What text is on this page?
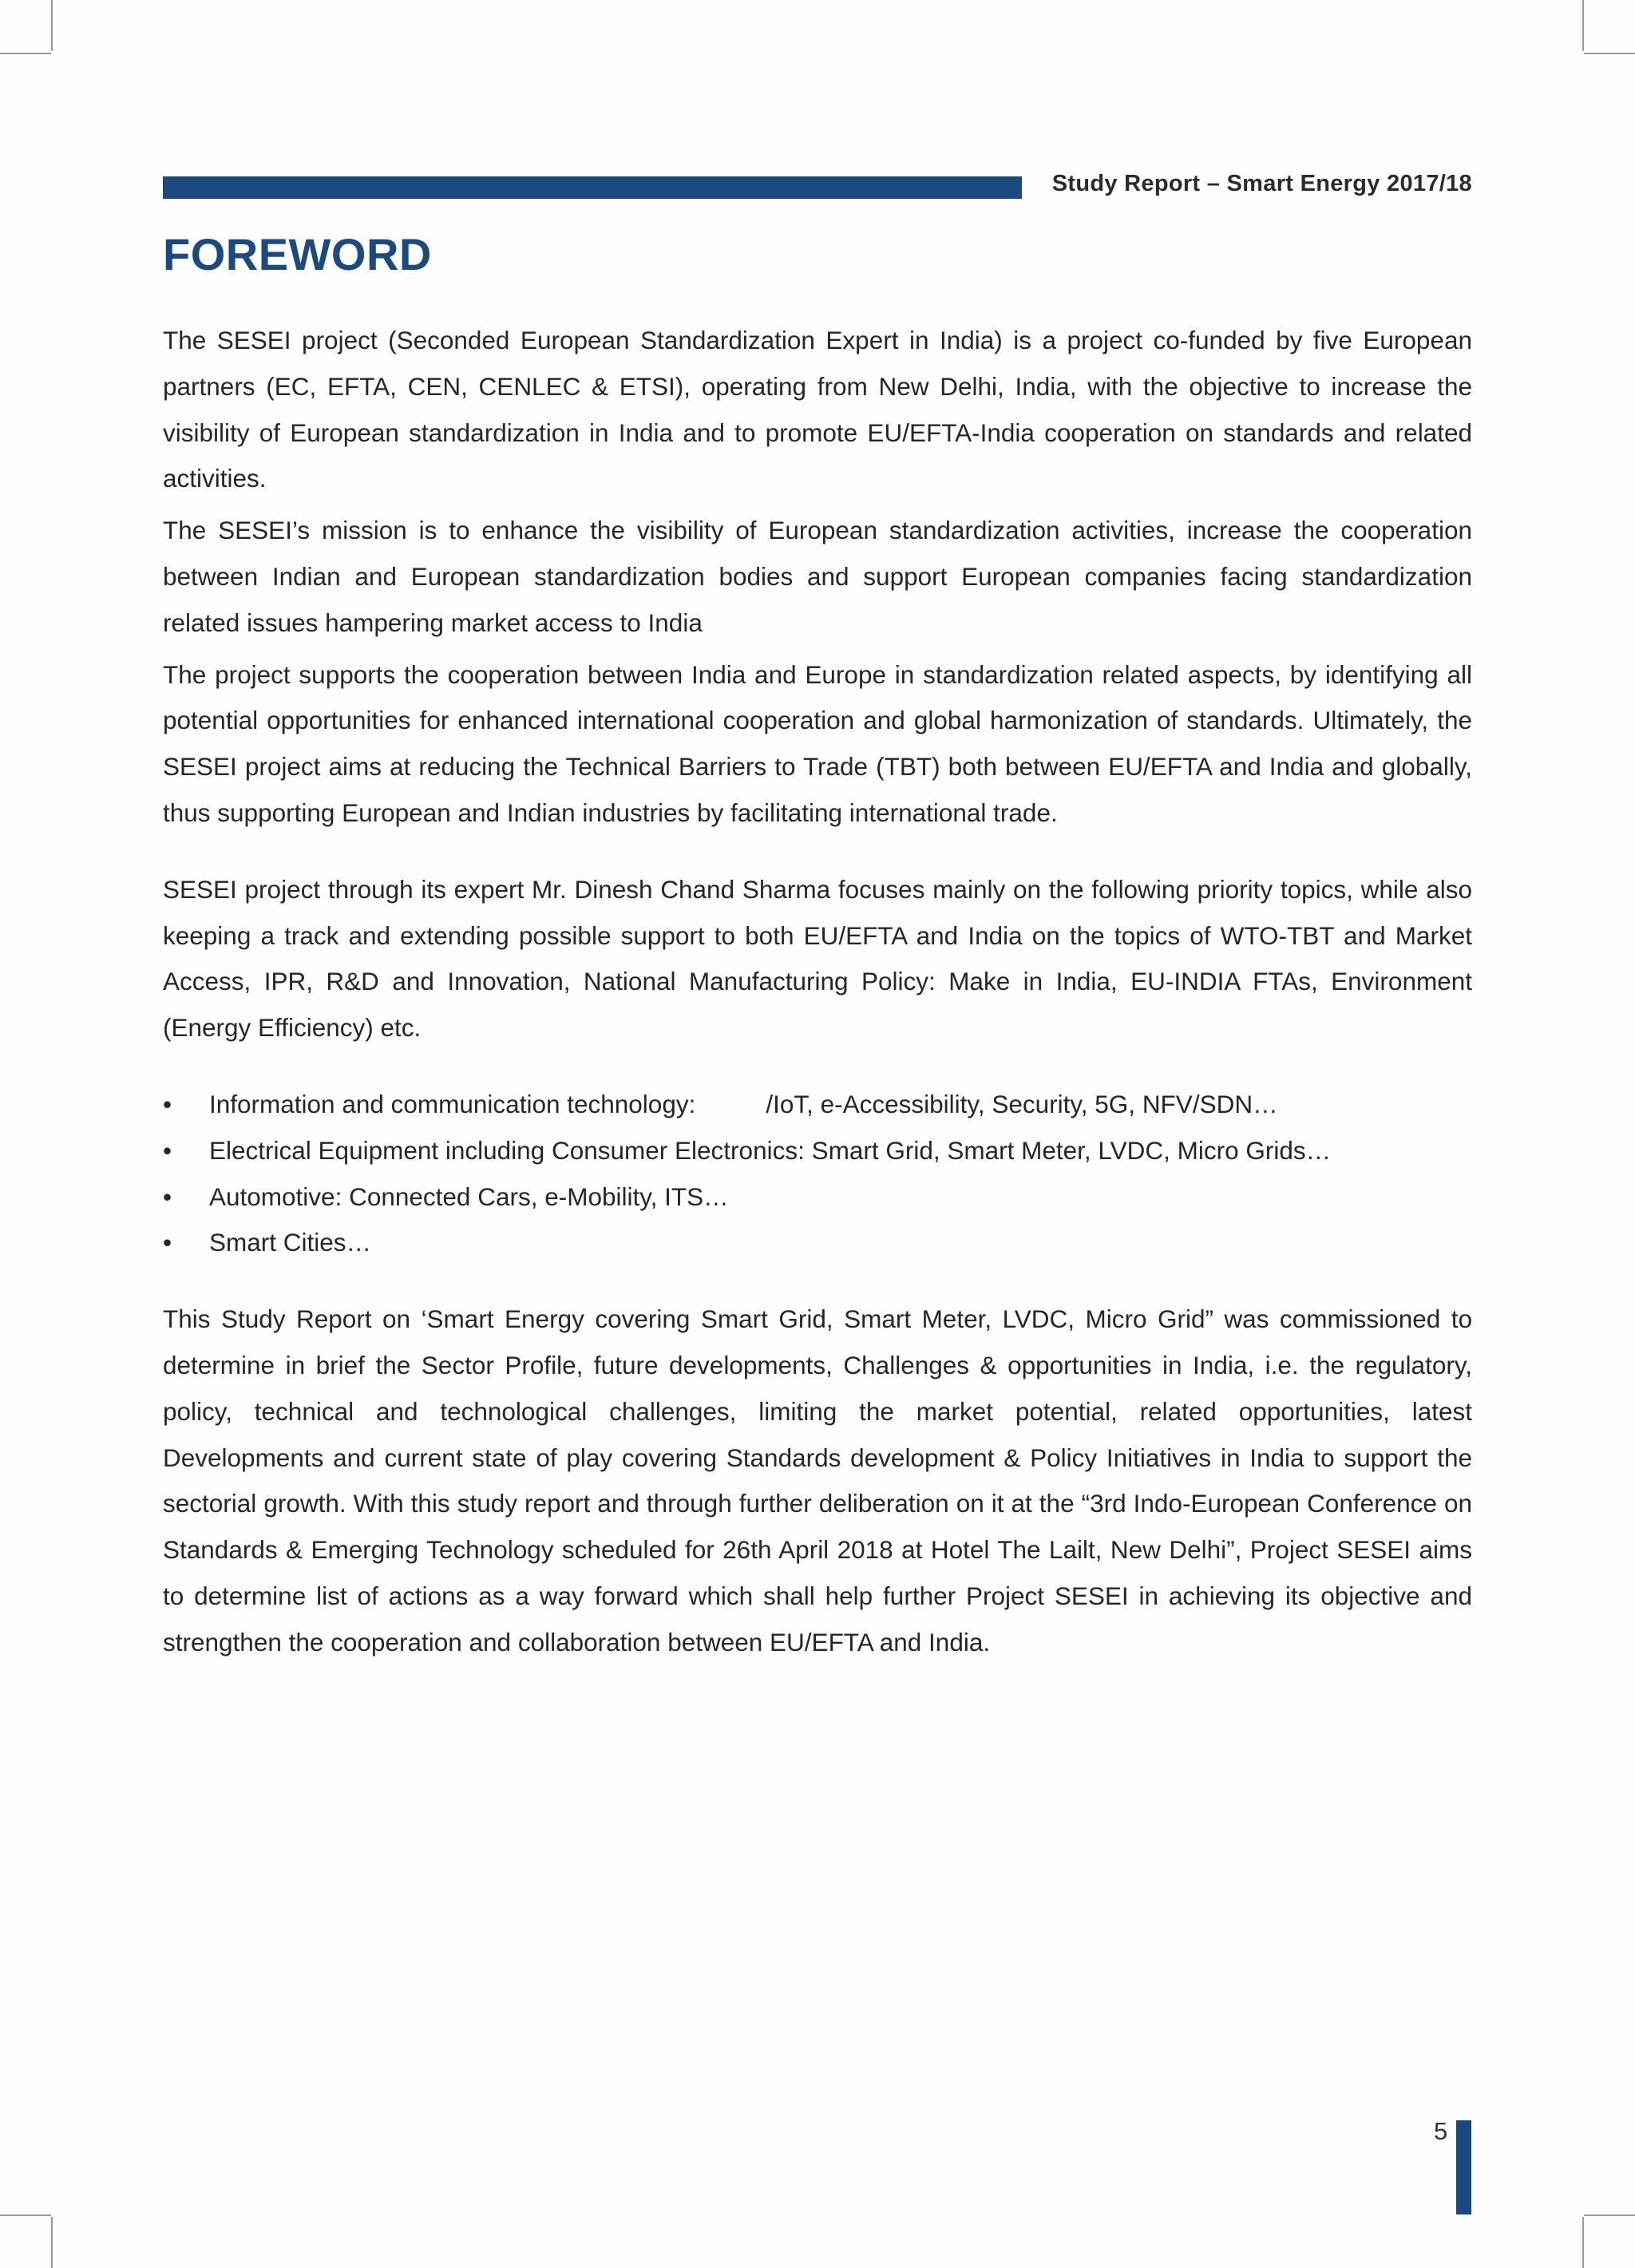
Study Report – Smart Energy 2017/18
FOREWORD

The SESEI project (Seconded European Standardization Expert in India) is a project co-funded by five European partners (EC, EFTA, CEN, CENLEC & ETSI), operating from New Delhi, India, with the objective to increase the visibility of European standardization in India and to promote EU/EFTA-India cooperation on standards and related activities.

The SESEI’s mission is to enhance the visibility of European standardization activities, increase the cooperation between Indian and European standardization bodies and support European companies facing standardization related issues hampering market access to India

The project supports the cooperation between India and Europe in standardization related aspects, by identifying all potential opportunities for enhanced international cooperation and global harmonization of standards. Ultimately, the SESEI project aims at reducing the Technical Barriers to Trade (TBT) both between EU/EFTA and India and globally, thus supporting European and Indian industries by facilitating international trade.

SESEI project through its expert Mr. Dinesh Chand Sharma focuses mainly on the following priority topics, while also keeping a track and extending possible support to both EU/EFTA and India on the topics of WTO-TBT and Market Access, IPR, R&D and Innovation, National Manufacturing Policy: Make in India, EU-INDIA FTAs, Environment (Energy Efficiency) etc.

• Information and communication technology:	/IoT, e-Accessibility, Security, 5G, NFV/SDN…
• Electrical Equipment including Consumer Electronics: Smart Grid, Smart Meter, LVDC, Micro Grids…
• Automotive: Connected Cars, e-Mobility, ITS…
• Smart Cities…

This Study Report on ‘Smart Energy covering Smart Grid, Smart Meter, LVDC, Micro Grid” was commissioned to determine in brief the Sector Profile, future developments, Challenges & opportunities in India, i.e. the regulatory, policy, technical and technological challenges, limiting the market potential, related opportunities, latest Developments and current state of play covering Standards development & Policy Initiatives in India to support the sectorial growth. With this study report and through further deliberation on it at the “3rd Indo-European Conference on Standards & Emerging Technology scheduled for 26th April 2018 at Hotel The Lailt, New Delhi”, Project SESEI aims to determine list of actions as a way forward which shall help further Project SESEI in achieving its objective and strengthen the cooperation and collaboration between EU/EFTA and India.

5
